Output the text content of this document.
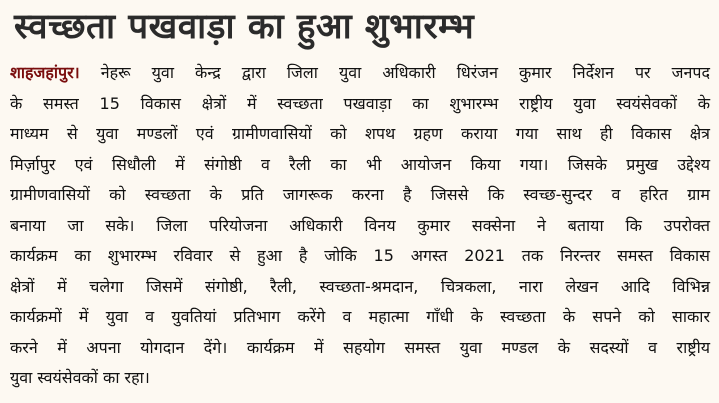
स्वच्छता पखवाड़ा का हुआ शुभारम्भ
शाहजहांपुर। नेहरू युवा केन्द्र द्वारा जिला युवा अधिकारी धिरंजन कुमार निर्देशन पर जनपद
के समस्त 15 विकास क्षेत्रों में स्वच्छता पखवाड़ा का शुभारम्भ राष्ट्रीय युवा स्वयंसेवकों के
माध्यम से युवा मण्डलों एवं ग्रामीणवासियों को शपथ ग्रहण कराया गया साथ ही विकास क्षेत्र
मिर्ज़ापुर एवं सिधौली में संगोष्ठी व रैली का भी आयोजन किया गया। जिसके प्रमुख उद्देश्य
ग्रामीणवासियों को स्वच्छता के प्रति जागरूक करना है जिससे कि स्वच्छ-सुन्दर व हरित ग्राम
बनाया जा सके। जिला परियोजना अधिकारी विनय कुमार सक्सेना ने बताया कि उपरोक्त
कार्यक्रम का शुभारम्भ रविवार से हुआ है जोकि 15 अगस्त 2021 तक निरन्तर समस्त विकास
क्षेत्रों में चलेगा जिसमें संगोष्ठी, रैली, स्वच्छता-श्रमदान, चित्रकला, नारा लेखन आदि विभिन्न
कार्यक्रमों में युवा व युवतियां प्रतिभाग करेंगे व महात्मा गाँधी के स्वच्छता के सपने को साकार
करने में अपना योगदान देंगे। कार्यक्रम में सहयोग समस्त युवा मण्डल के सदस्यों व राष्ट्रीय
युवा स्वयंसेवकों का रहा।
